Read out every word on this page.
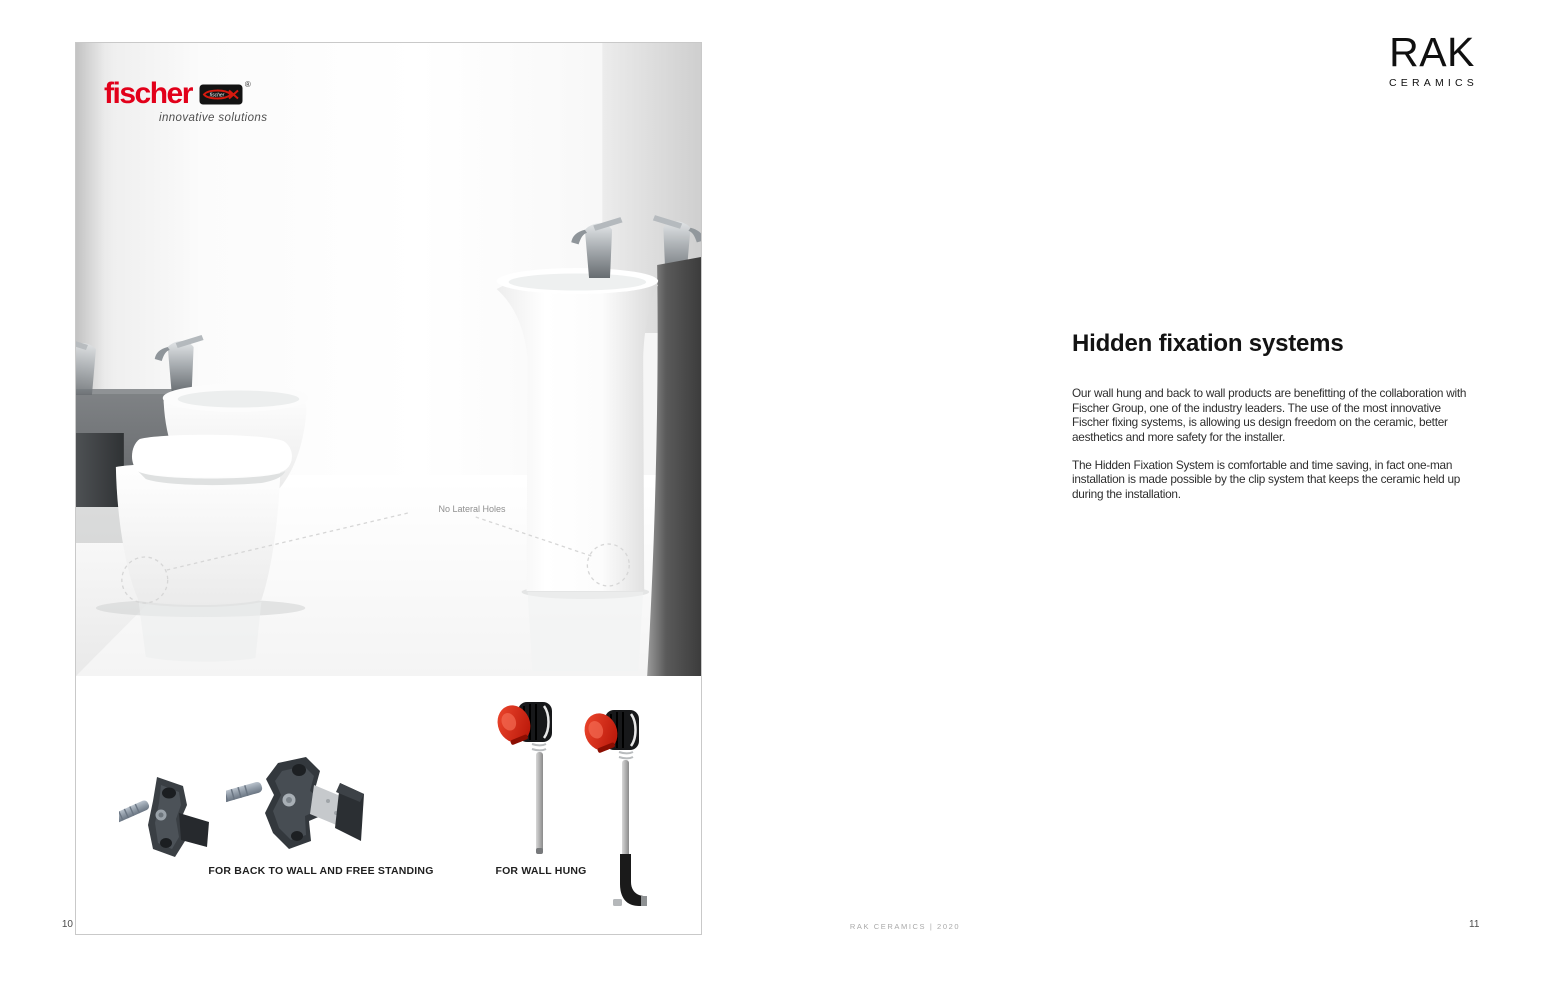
fischer	fischer
®
innovative solutions
No Lateral Holes
FOR BACK TO WALL AND FREE STANDING	FOR WALL HUNG
RAK
CERAMICS
Hidden fixation systems

Our wall hung and back to wall products are benefitting of the collaboration with Fischer Group, one of the industry leaders. The use of the most innovative Fischer fixing systems, is allowing us design freedom on the ceramic, better aesthetics and more safety for the installer.

The Hidden Fixation System is comfortable and time saving, in fact one-man installation is made possible by the clip system that keeps the ceramic held up during the installation.

10	RAK CERAMICS | 2020	11
